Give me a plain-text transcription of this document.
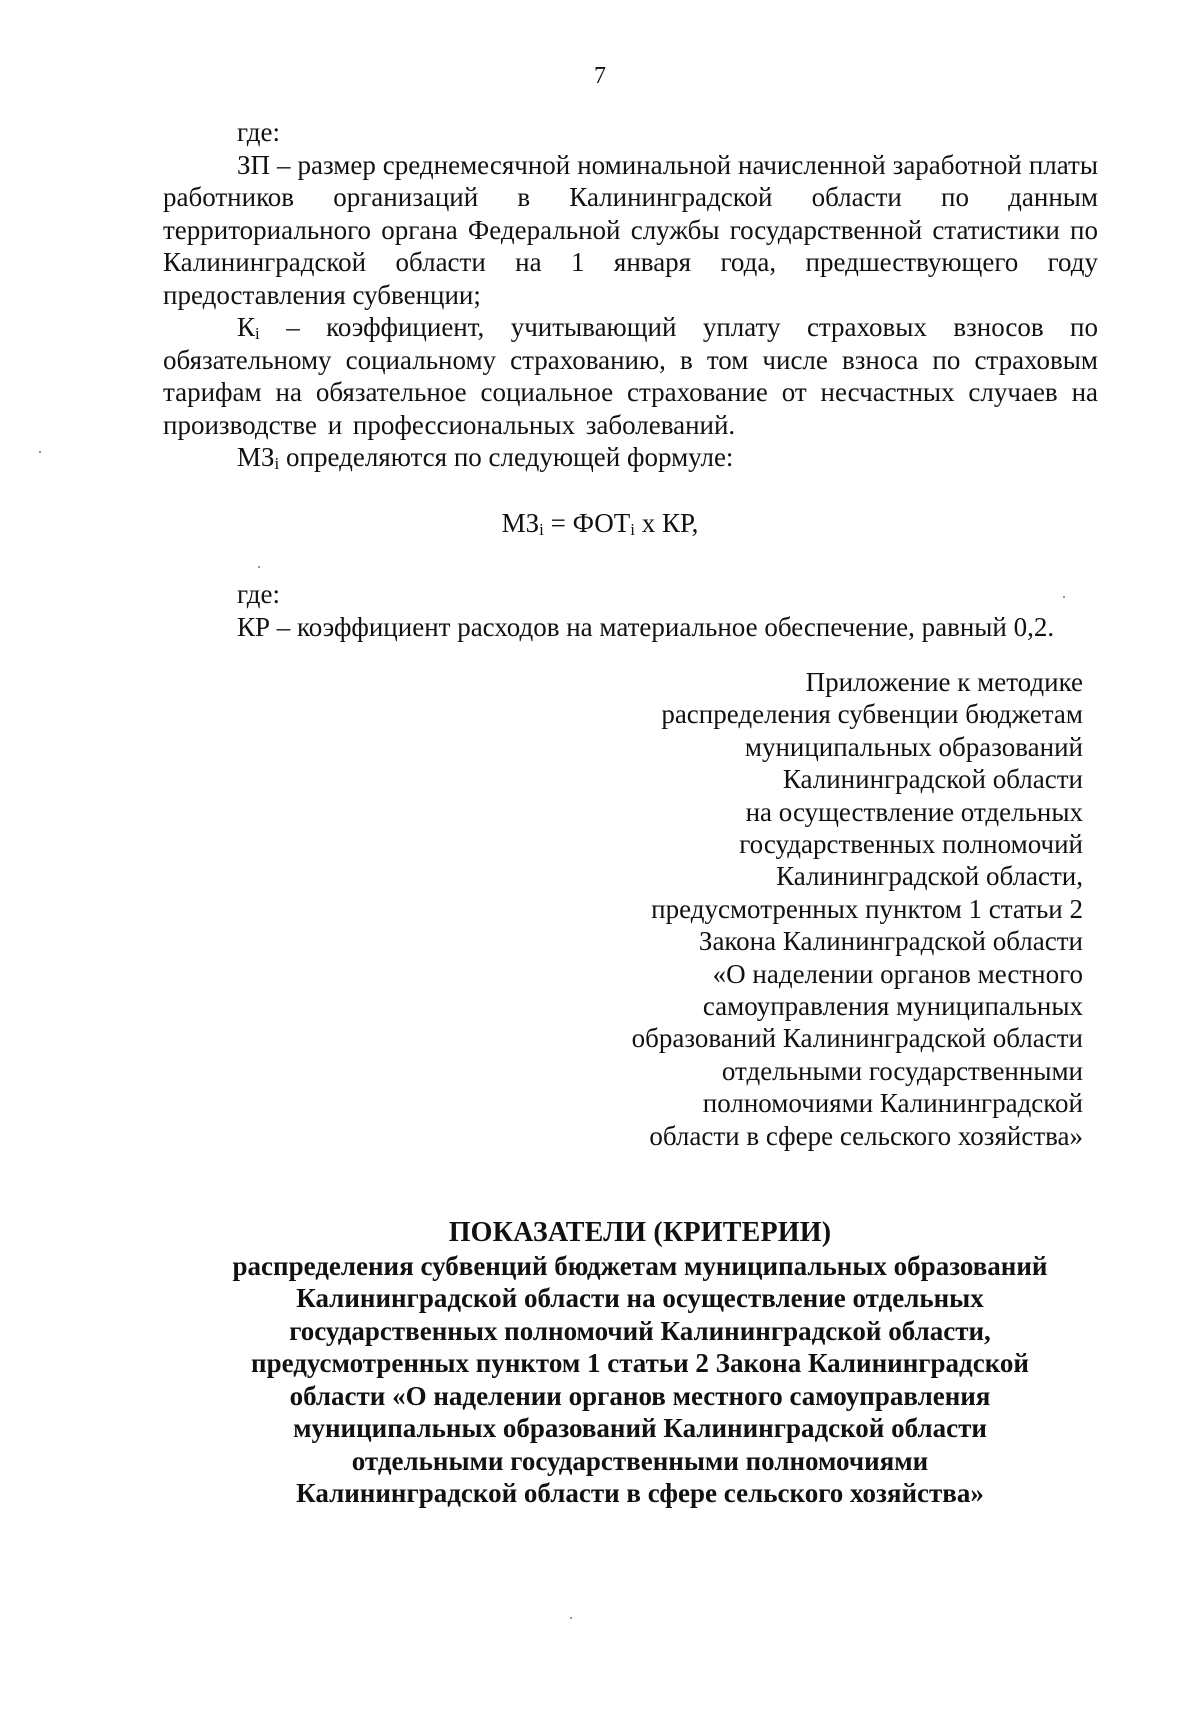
7

где:

ЗП – размер среднемесячной номинальной начисленной заработной платы работников организаций в Калининградской области по данным территориального органа Федеральной службы государственной статистики по Калининградской области на 1 января года, предшествующего году предоставления субвенции;

$К_i$ – коэффициент, учитывающий уплату страховых взносов по обязательному социальному страхованию, в том числе взноса по страховым тарифам на обязательное социальное страхование от несчастных случаев на производстве и профессиональных заболеваний.

$МЗ_i$ определяются по следующей формуле:

$МЗ_i = ФОТ_i$ х КР,

где:

КР – коэффициент расходов на материальное обеспечение, равный 0,2.

Приложение к методике
распределения субвенции бюджетам
муниципальных образований
Калининградской области
на осуществление отдельных
государственных полномочий
Калининградской области,
предусмотренных пунктом 1 статьи 2
Закона Калининградской области
«О наделении органов местного
самоуправления муниципальных
образований Калининградской области
отдельными государственными
полномочиями Калининградской
области в сфере сельского хозяйства»
ПОКАЗАТЕЛИ (КРИТЕРИИ)
распределения субвенций бюджетам муниципальных образований
Калининградской области на осуществление отдельных
государственных полномочий Калининградской области,
предусмотренных пунктом 1 статьи 2 Закона Калининградской
области «О наделении органов местного самоуправления
муниципальных образований Калининградской области
отдельными государственными полномочиями
Калининградской области в сфере сельского хозяйства»
